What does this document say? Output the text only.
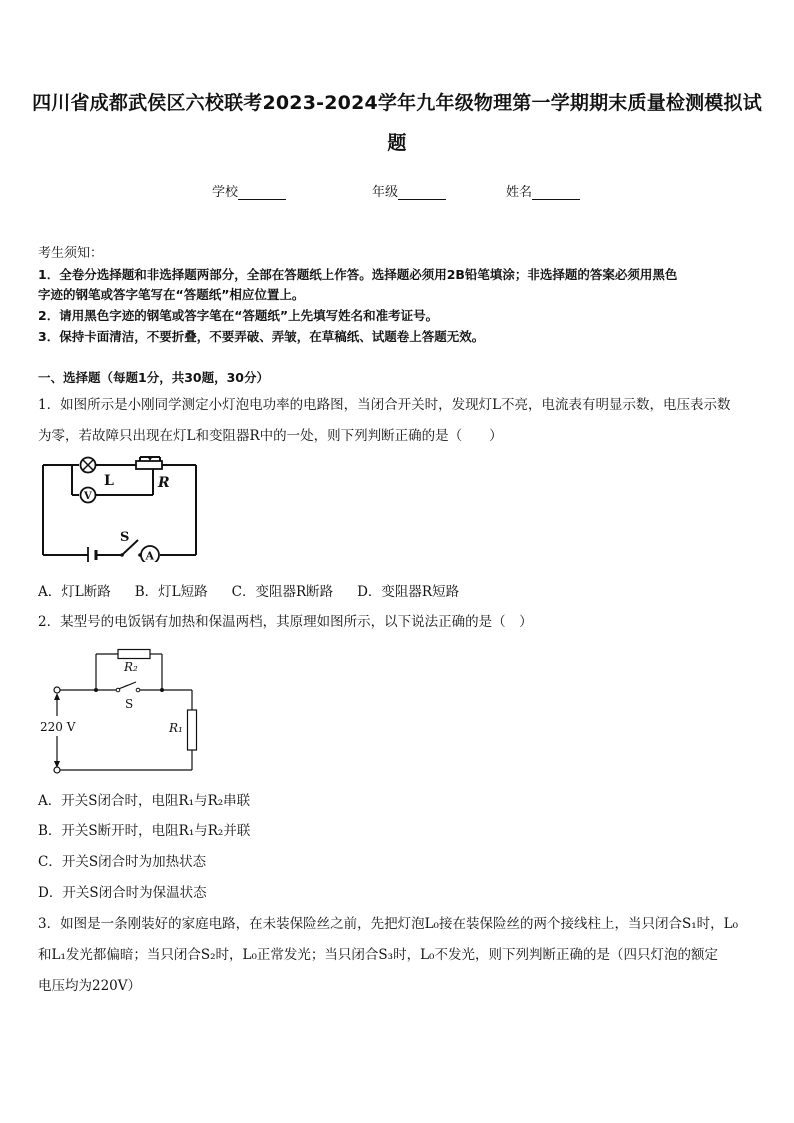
四川省成都武侯区六校联考2023-2024学年九年级物理第一学期期末质量检测模拟试
题
学校	年级	姓名
考生须知：
1．全卷分选择题和非选择题两部分，全部在答题纸上作答。选择题必须用2B铅笔填涂；非选择题的答案必须用黑色
字迹的钢笔或答字笔写在“答题纸”相应位置上。
2．请用黑色字迹的钢笔或答字笔在“答题纸”上先填写姓名和准考证号。
3．保持卡面清洁，不要折叠，不要弄破、弄皱，在草稿纸、试题卷上答题无效。
一、选择题（每题1分，共30题，30分）
1．如图所示是小刚同学测定小灯泡电功率的电路图，当闭合开关时，发现灯L不亮，电流表有明显示数，电压表示数
为零，若故障只出现在灯L和变阻器R中的一处，则下列判断正确的是（　　）
V
A
L	R
S
A．灯L断路 B．灯L短路 C．变阻器R断路 D．变阻器R短路
2．某型号的电饭锅有加热和保温两档，其原理如图所示，以下说法正确的是（　）
R₂
R₁
S
220 V
A．开关S闭合时，电阻R₁与R₂串联
B．开关S断开时，电阻R₁与R₂并联
C．开关S闭合时为加热状态
D．开关S闭合时为保温状态
3．如图是一条刚装好的家庭电路，在未装保险丝之前，先把灯泡L₀接在装保险丝的两个接线柱上，当只闭合S₁时，L₀
和L₁发光都偏暗；当只闭合S₂时，L₀正常发光；当只闭合S₃时，L₀不发光，则下列判断正确的是（四只灯泡的额定
电压均为220V）
